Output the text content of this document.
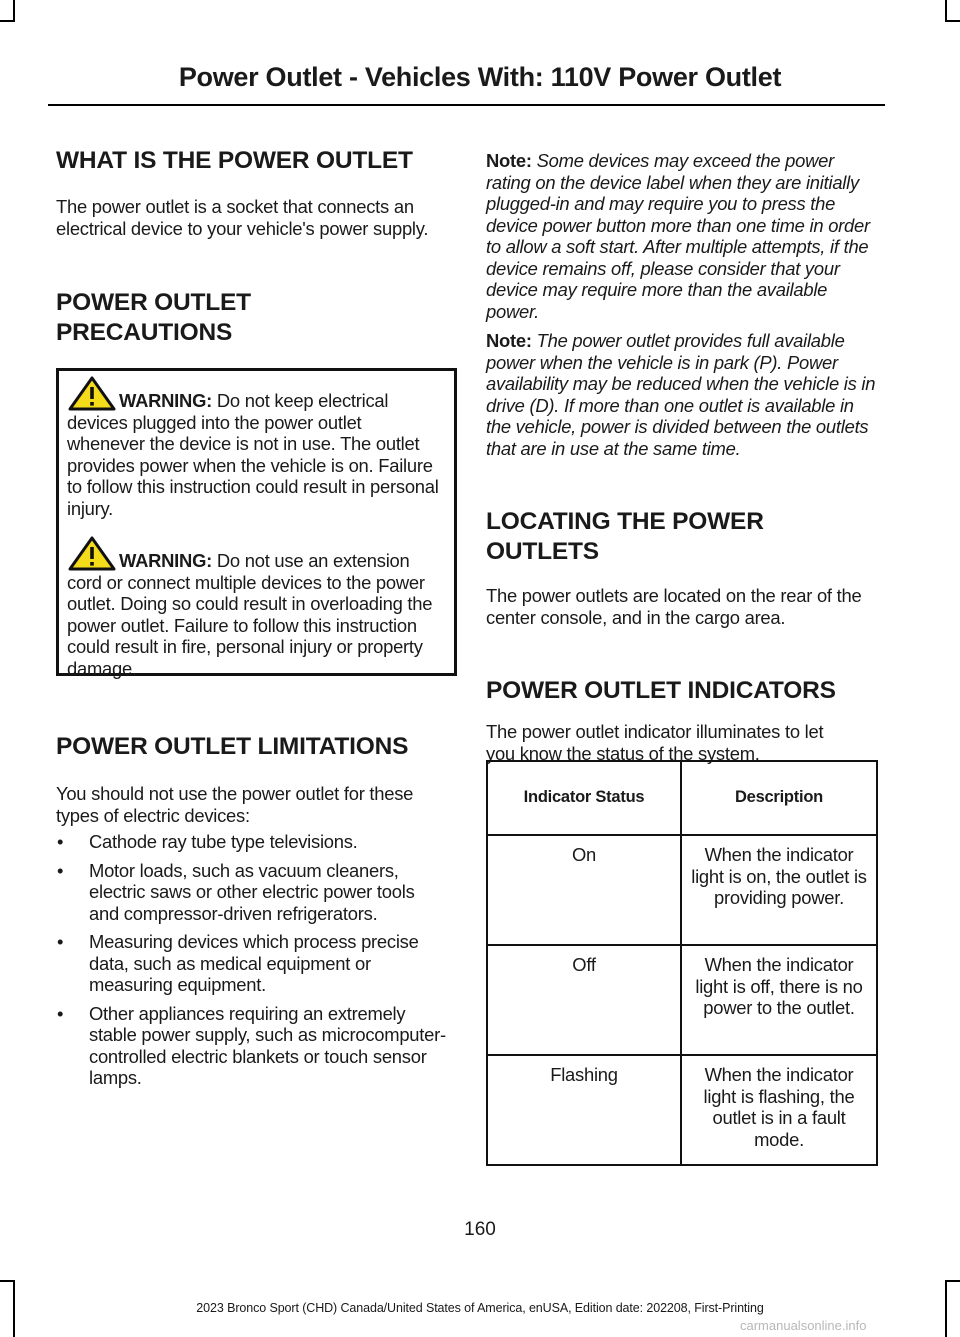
Power Outlet - Vehicles With: 110V Power Outlet
WHAT IS THE POWER OUTLET

The power outlet is a socket that connects an electrical device to your vehicle's power supply.

POWER OUTLET
PRECAUTIONS
WARNING: Do not keep electrical devices plugged into the power outlet whenever the device is not in use. The outlet provides power when the vehicle is on. Failure to follow this instruction could result in personal injury.
WARNING: Do not use an extension cord or connect multiple devices to the power outlet. Doing so could result in overloading the power outlet. Failure to follow this instruction could result in fire, personal injury or property damage.
POWER OUTLET LIMITATIONS

You should not use the power outlet for these types of electric devices:

• Cathode ray tube type televisions.
• Motor loads, such as vacuum cleaners, electric saws or other electric power tools and compressor-driven refrigerators.
• Measuring devices which process precise data, such as medical equipment or measuring equipment.
• Other appliances requiring an extremely stable power supply, such as microcomputer-controlled electric blankets or touch sensor lamps.

Note: Some devices may exceed the power rating on the device label when they are initially plugged-in and may require you to press the device power button more than one time in order to allow a soft start. After multiple attempts, if the device remains off, please consider that your device may require more than the available power.

Note: The power outlet provides full available power when the vehicle is in park (P). Power availability may be reduced when the vehicle is in drive (D). If more than one outlet is available in the vehicle, power is divided between the outlets that are in use at the same time.

LOCATING THE POWER
OUTLETS

The power outlets are located on the rear of the center console, and in the cargo area.

POWER OUTLET INDICATORS

The power outlet indicator illuminates to let you know the status of the system.

Indicator Status	Description
On	When the indicator light is on, the outlet is providing power.
Off	When the indicator light is off, there is no power to the outlet.
Flashing	When the indicator light is flashing, the outlet is in a fault mode.
160
2023 Bronco Sport (CHD) Canada/United States of America, enUSA, Edition date: 202208, First-Printing
carmanualsonline.info
